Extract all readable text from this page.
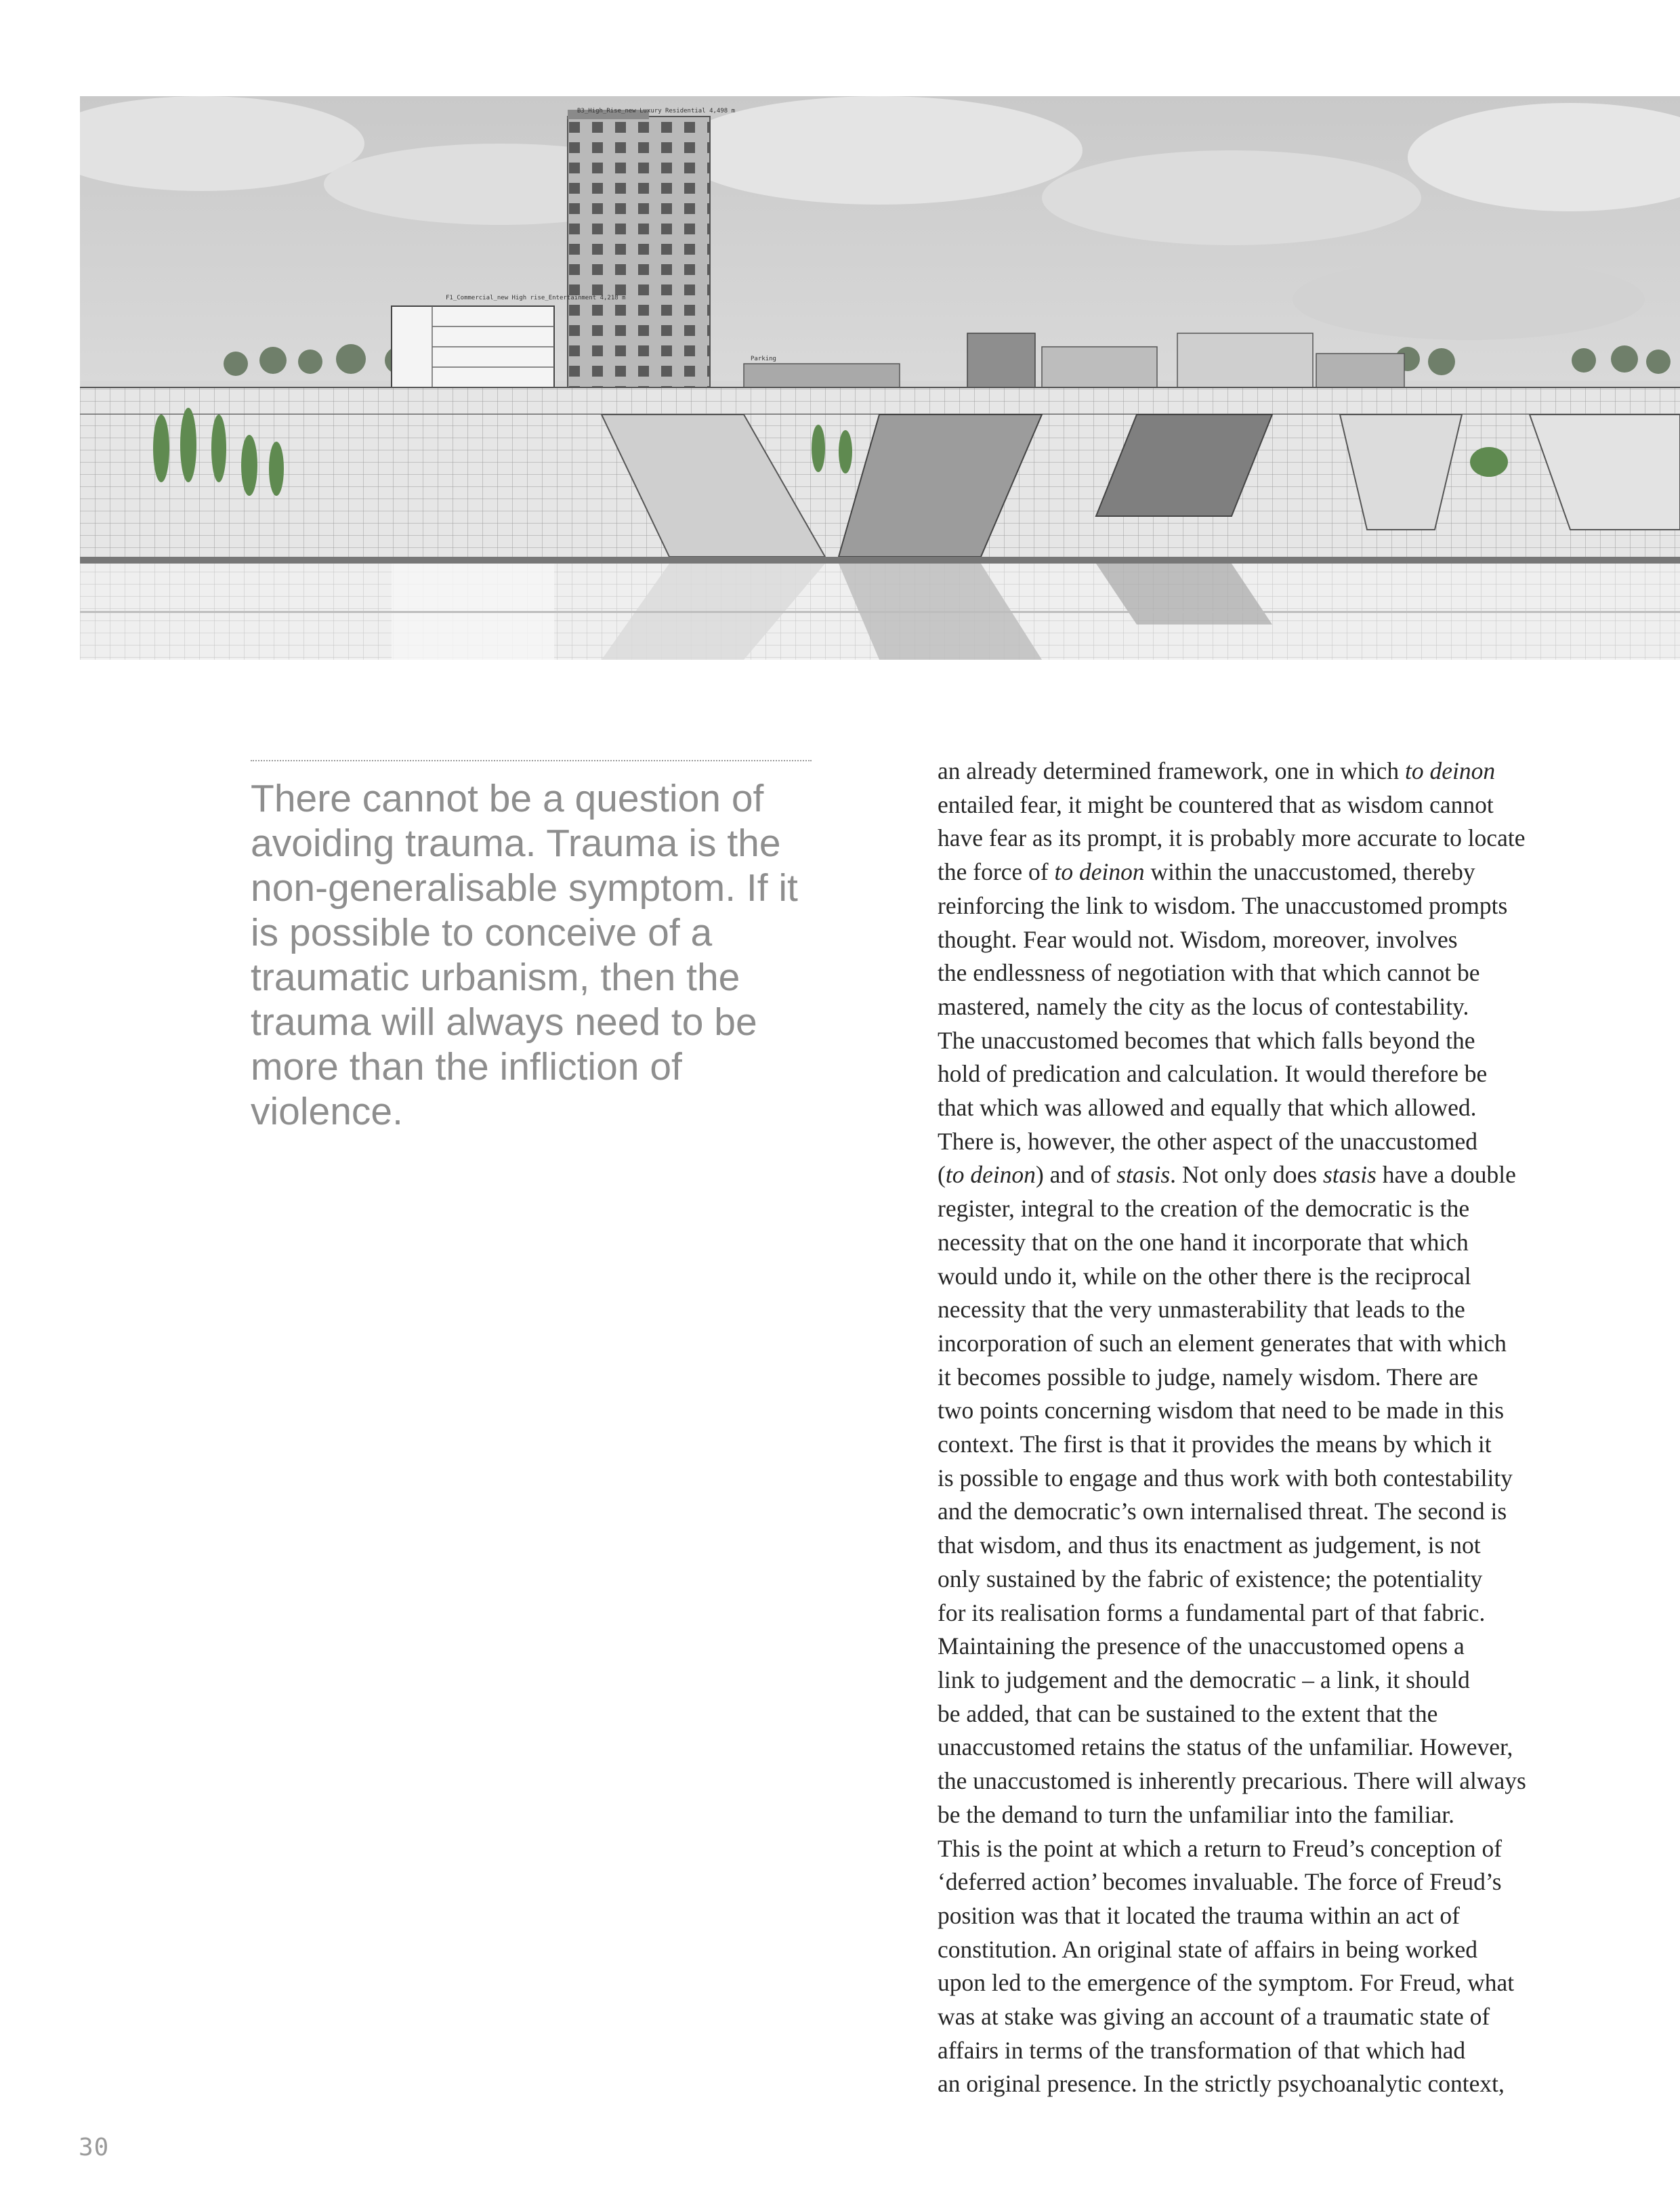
B3_High_Rise_new Luxury Residential 4,498 m
F1_Commercial_new High rise_Entertainment 4,218 m
Parking

There cannot be a question of avoiding trauma. Trauma is the non-generalisable symptom. If it is possible to conceive of a traumatic urbanism, then the trauma will always need to be more than the infliction of violence.

an already determined framework, one in which to deinon
entailed fear, it might be countered that as wisdom cannot
have fear as its prompt, it is probably more accurate to locate
the force of to deinon within the unaccustomed, thereby
reinforcing the link to wisdom. The unaccustomed prompts
thought. Fear would not. Wisdom, moreover, involves
the endlessness of negotiation with that which cannot be
mastered, namely the city as the locus of contestability.
The unaccustomed becomes that which falls beyond the
hold of predication and calculation. It would therefore be
that which was allowed and equally that which allowed.
There is, however, the other aspect of the unaccustomed
(to deinon) and of stasis. Not only does stasis have a double
register, integral to the creation of the democratic is the
necessity that on the one hand it incorporate that which
would undo it, while on the other there is the reciprocal
necessity that the very unmasterability that leads to the
incorporation of such an element generates that with which
it becomes possible to judge, namely wisdom. There are
two points concerning wisdom that need to be made in this
context. The first is that it provides the means by which it
is possible to engage and thus work with both contestability
and the democratic’s own internalised threat. The second is
that wisdom, and thus its enactment as judgement, is not
only sustained by the fabric of existence; the potentiality
for its realisation forms a fundamental part of that fabric.
Maintaining the presence of the unaccustomed opens a
link to judgement and the democratic – a link, it should
be added, that can be sustained to the extent that the
unaccustomed retains the status of the unfamiliar. However,
the unaccustomed is inherently precarious. There will always
be the demand to turn the unfamiliar into the familiar.
This is the point at which a return to Freud’s conception of
‘deferred action’ becomes invaluable. The force of Freud’s
position was that it located the trauma within an act of
constitution. An original state of affairs in being worked
upon led to the emergence of the symptom. For Freud, what
was at stake was giving an account of a traumatic state of
affairs in terms of the transformation of that which had
an original presence. In the strictly psychoanalytic context,
30
